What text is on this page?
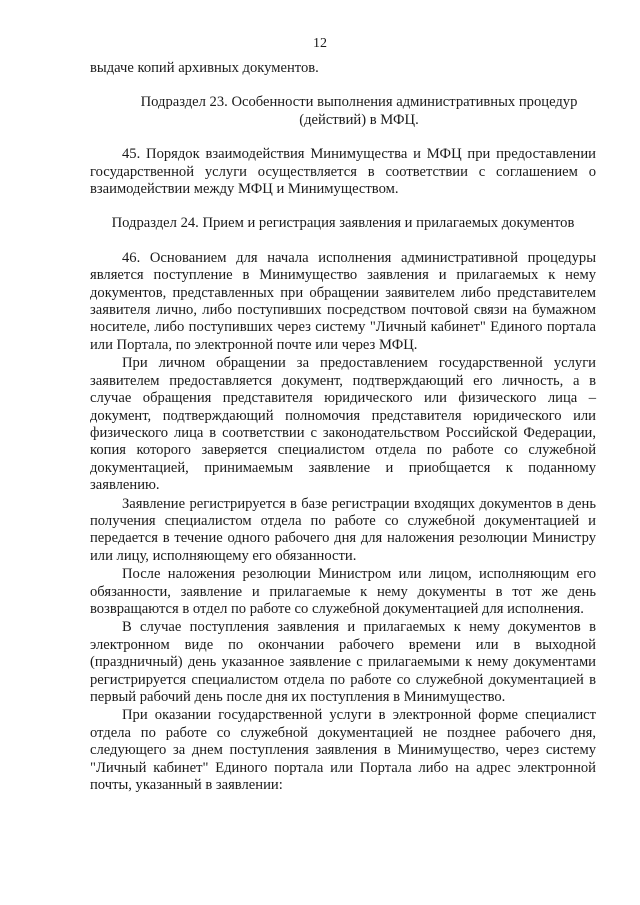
12

выдаче копий архивных документов.

Подраздел 23. Особенности выполнения административных процедур (действий) в МФЦ.

45. Порядок взаимодействия Минимущества и МФЦ при предоставлении государственной услуги осуществляется в соответствии с соглашением о взаимодействии между МФЦ и Минимуществом.

Подраздел 24. Прием и регистрация заявления и прилагаемых документов

46. Основанием для начала исполнения административной процедуры является поступление в Минимущество заявления и прилагаемых к нему документов, представленных при обращении заявителем либо представителем заявителя лично, либо поступивших посредством почтовой связи на бумажном носителе, либо поступивших через систему "Личный кабинет" Единого портала или Портала, по электронной почте или через МФЦ.

При личном обращении за предоставлением государственной услуги заявителем предоставляется документ, подтверждающий его личность, а в случае обращения представителя юридического или физического лица – документ, подтверждающий полномочия представителя юридического или физического лица в соответствии с законодательством Российской Федерации, копия которого заверяется специалистом отдела по работе со служебной документацией, принимаемым заявление и приобщается к поданному заявлению.

Заявление регистрируется в базе регистрации входящих документов в день получения специалистом отдела по работе со служебной документацией и передается в течение одного рабочего дня для наложения резолюции Министру или лицу, исполняющему его обязанности.

После наложения резолюции Министром или лицом, исполняющим его обязанности, заявление и прилагаемые к нему документы в тот же день возвращаются в отдел по работе со служебной документацией для исполнения.

В случае поступления заявления и прилагаемых к нему документов в электронном виде по окончании рабочего времени или в выходной (праздничный) день указанное заявление с прилагаемыми к нему документами регистрируется специалистом отдела по работе со служебной документацией в первый рабочий день после дня их поступления в Минимущество.

При оказании государственной услуги в электронной форме специалист отдела по работе со служебной документацией не позднее рабочего дня, следующего за днем поступления заявления в Минимущество, через систему "Личный кабинет" Единого портала или Портала либо на адрес электронной почты, указанный в заявлении:
